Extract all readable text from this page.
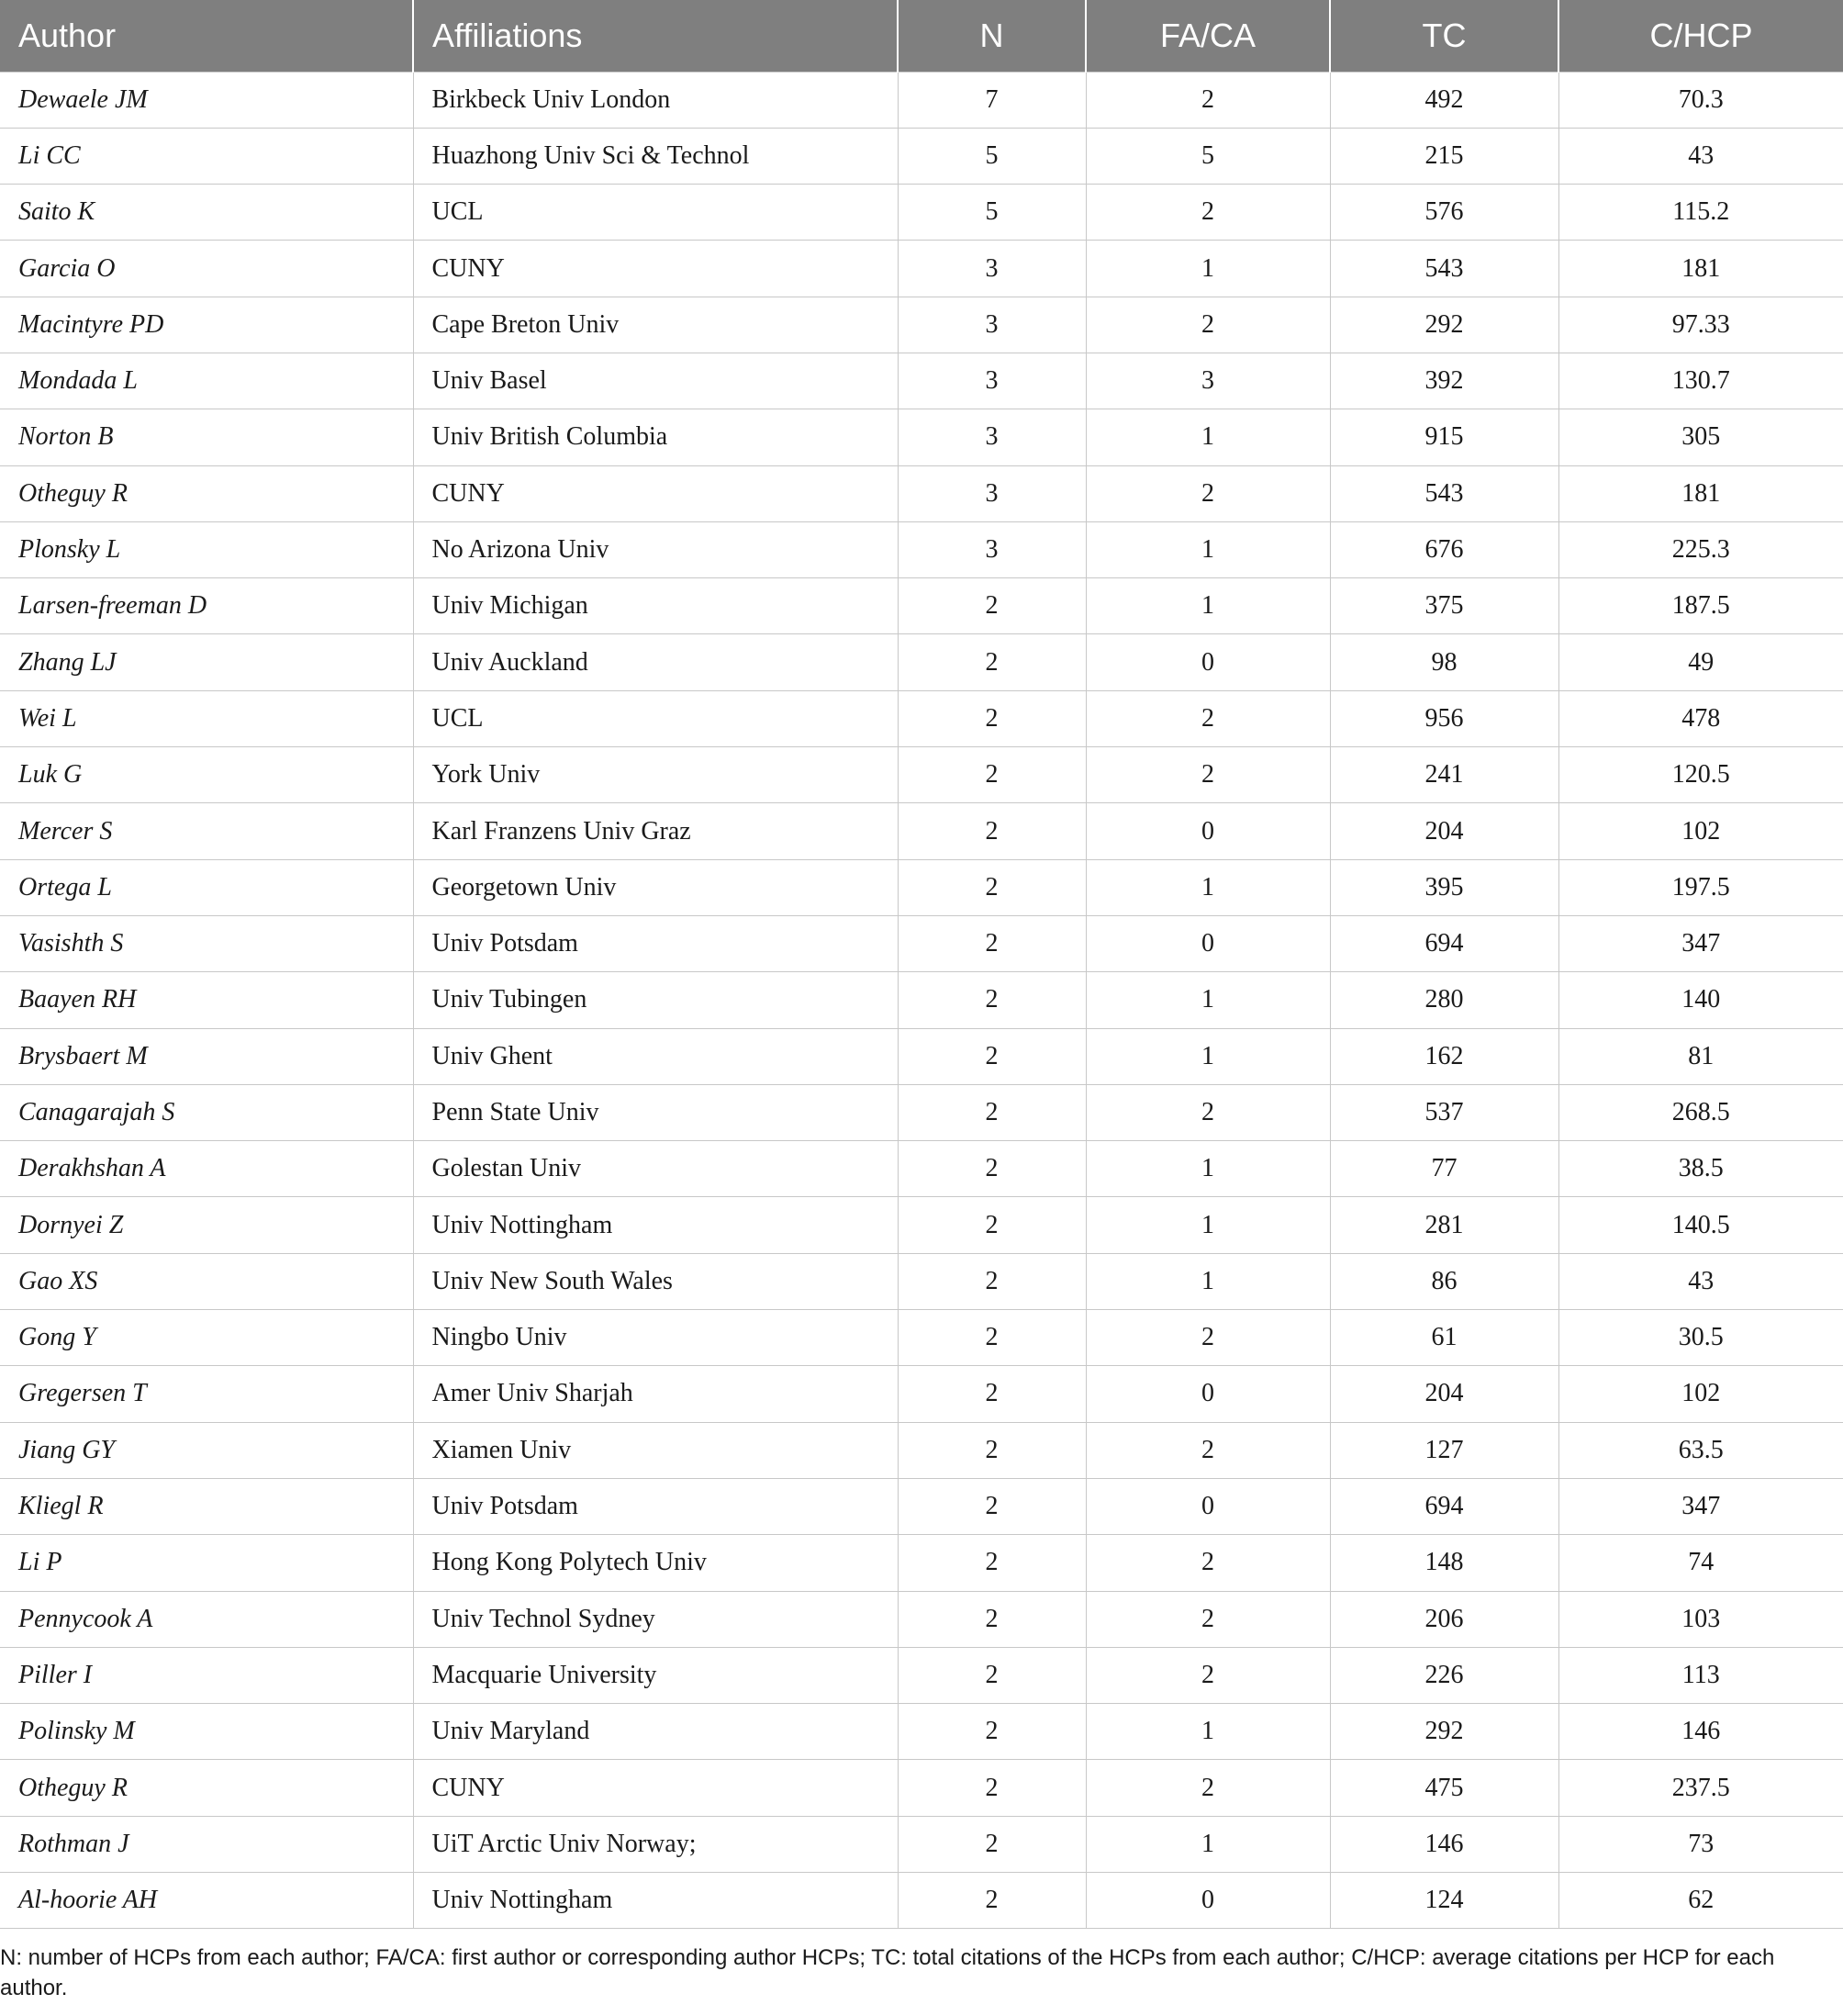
Author	Affiliations	N	FA/CA	TC	C/HCP
Dewaele JM	Birkbeck Univ London	7	2	492	70.3
Li CC	Huazhong Univ Sci & Technol	5	5	215	43
Saito K	UCL	5	2	576	115.2
Garcia O	CUNY	3	1	543	181
Macintyre PD	Cape Breton Univ	3	2	292	97.33
Mondada L	Univ Basel	3	3	392	130.7
Norton B	Univ British Columbia	3	1	915	305
Otheguy R	CUNY	3	2	543	181
Plonsky L	No Arizona Univ	3	1	676	225.3
Larsen-freeman D	Univ Michigan	2	1	375	187.5
Zhang LJ	Univ Auckland	2	0	98	49
Wei L	UCL	2	2	956	478
Luk G	York Univ	2	2	241	120.5
Mercer S	Karl Franzens Univ Graz	2	0	204	102
Ortega L	Georgetown Univ	2	1	395	197.5
Vasishth S	Univ Potsdam	2	0	694	347
Baayen RH	Univ Tubingen	2	1	280	140
Brysbaert M	Univ Ghent	2	1	162	81
Canagarajah S	Penn State Univ	2	2	537	268.5
Derakhshan A	Golestan Univ	2	1	77	38.5
Dornyei Z	Univ Nottingham	2	1	281	140.5
Gao XS	Univ New South Wales	2	1	86	43
Gong Y	Ningbo Univ	2	2	61	30.5
Gregersen T	Amer Univ Sharjah	2	0	204	102
Jiang GY	Xiamen Univ	2	2	127	63.5
Kliegl R	Univ Potsdam	2	0	694	347
Li P	Hong Kong Polytech Univ	2	2	148	74
Pennycook A	Univ Technol Sydney	2	2	206	103
Piller I	Macquarie University	2	2	226	113
Polinsky M	Univ Maryland	2	1	292	146
Otheguy R	CUNY	2	2	475	237.5
Rothman J	UiT Arctic Univ Norway;	2	1	146	73
Al-hoorie AH	Univ Nottingham	2	0	124	62
N: number of HCPs from each author; FA/CA: first author or corresponding author HCPs; TC: total citations of the HCPs from each author; C/HCP: average citations per HCP for each author.
